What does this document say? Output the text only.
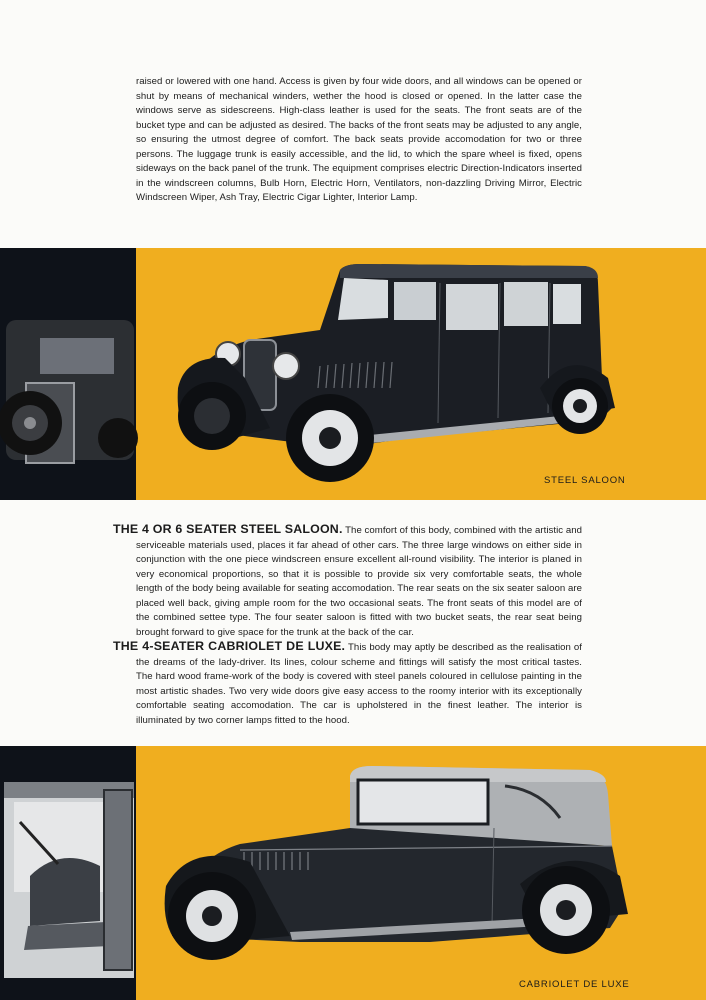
raised or lowered with one hand. Access is given by four wide doors, and all windows can be opened or shut by means of mechanical winders, wether the hood is closed or opened. In the latter case the windows serve as sidescreens. High-class leather is used for the seats. The front seats are of the bucket type and can be adjusted as desired. The backs of the front seats may be adjusted to any angle, so ensuring the utmost degree of comfort. The back seats provide accomodation for two or three persons. The luggage trunk is easily accessible, and the lid, to which the spare wheel is fixed, opens sideways on the back panel of the trunk. The equipment comprises electric Direction-Indicators inserted in the windscreen columns, Bulb Horn, Electric Horn, Ventilators, non-dazzling Driving Mirror, Electric Windscreen Wiper, Ash Tray, Electric Cigar Lighter, Interior Lamp.

STEEL SALOON

THE 4 OR 6 SEATER STEEL SALOON. The comfort of this body, combined with the artistic and serviceable materials used, places it far ahead of other cars. The three large windows on either side in conjunction with the one piece windscreen ensure excellent all-round visibility. The interior is planed in very economical proportions, so that it is possible to provide six very comfortable seats, the whole length of the body being available for seating accomodation. The rear seats on the six seater saloon are placed well back, giving ample room for the two occasional seats. The front seats of this model are of the combined settee type. The four seater saloon is fitted with two bucket seats, the rear seat being brought forward to give space for the trunk at the back of the car.

THE 4-SEATER CABRIOLET DE LUXE. This body may aptly be described as the realisation of the dreams of the lady-driver. Its lines, colour scheme and fittings will satisfy the most critical tastes. The hard wood frame-work of the body is covered with steel panels coloured in cellulose painting in the most artistic shades. Two very wide doors give easy access to the roomy interior with its exceptionally comfortable seating accomodation. The car is upholstered in the finest leather. The interior is illuminated by two corner lamps fitted to the hood.

CABRIOLET DE LUXE
